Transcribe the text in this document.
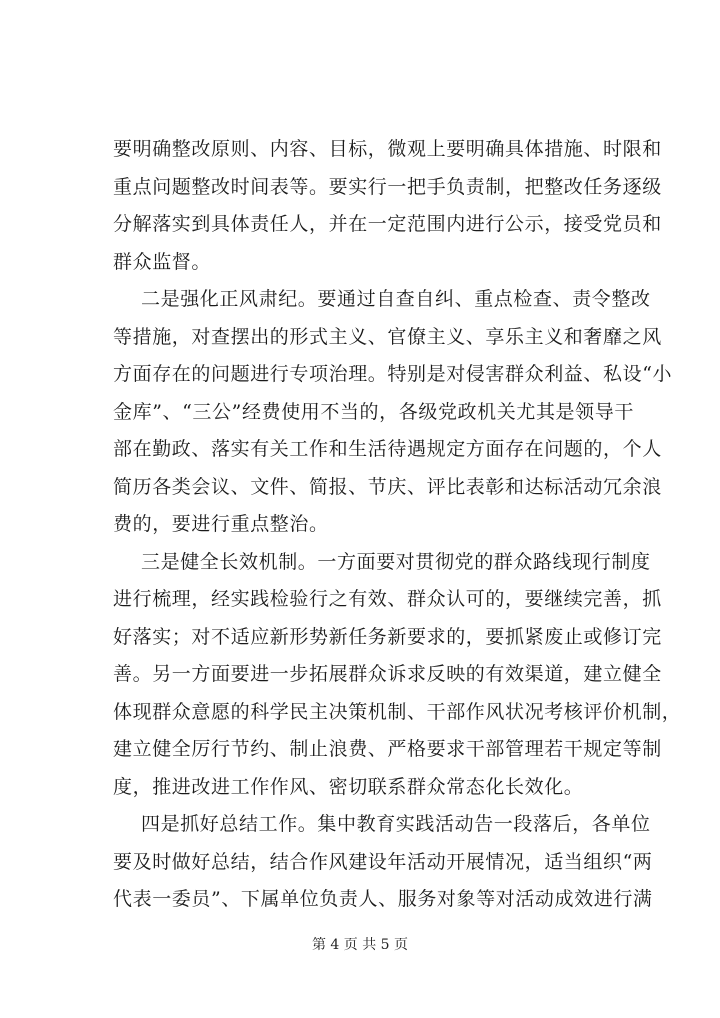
要明确整改原则、内容、目标，微观上要明确具体措施、时限和
重点问题整改时间表等。要实行一把手负责制，把整改任务逐级
分解落实到具体责任人，并在一定范围内进行公示，接受党员和
群众监督。
二是强化正风肃纪。要通过自查自纠、重点检查、责令整改
等措施，对查摆出的形式主义、官僚主义、享乐主义和奢靡之风
方面存在的问题进行专项治理。特别是对侵害群众利益、私设“小
金库”、“三公”经费使用不当的，各级党政机关尤其是领导干
部在勤政、落实有关工作和生活待遇规定方面存在问题的，个人
简历各类会议、文件、简报、节庆、评比表彰和达标活动冗余浪
费的，要进行重点整治。
三是健全长效机制。一方面要对贯彻党的群众路线现行制度
进行梳理，经实践检验行之有效、群众认可的，要继续完善，抓
好落实；对不适应新形势新任务新要求的，要抓紧废止或修订完
善。另一方面要进一步拓展群众诉求反映的有效渠道，建立健全
体现群众意愿的科学民主决策机制、干部作风状况考核评价机制，
建立健全厉行节约、制止浪费、严格要求干部管理若干规定等制
度，推进改进工作作风、密切联系群众常态化长效化。
四是抓好总结工作。集中教育实践活动告一段落后，各单位
要及时做好总结，结合作风建设年活动开展情况，适当组织“两
代表一委员”、下属单位负责人、服务对象等对活动成效进行满
第 4 页 共 5 页
